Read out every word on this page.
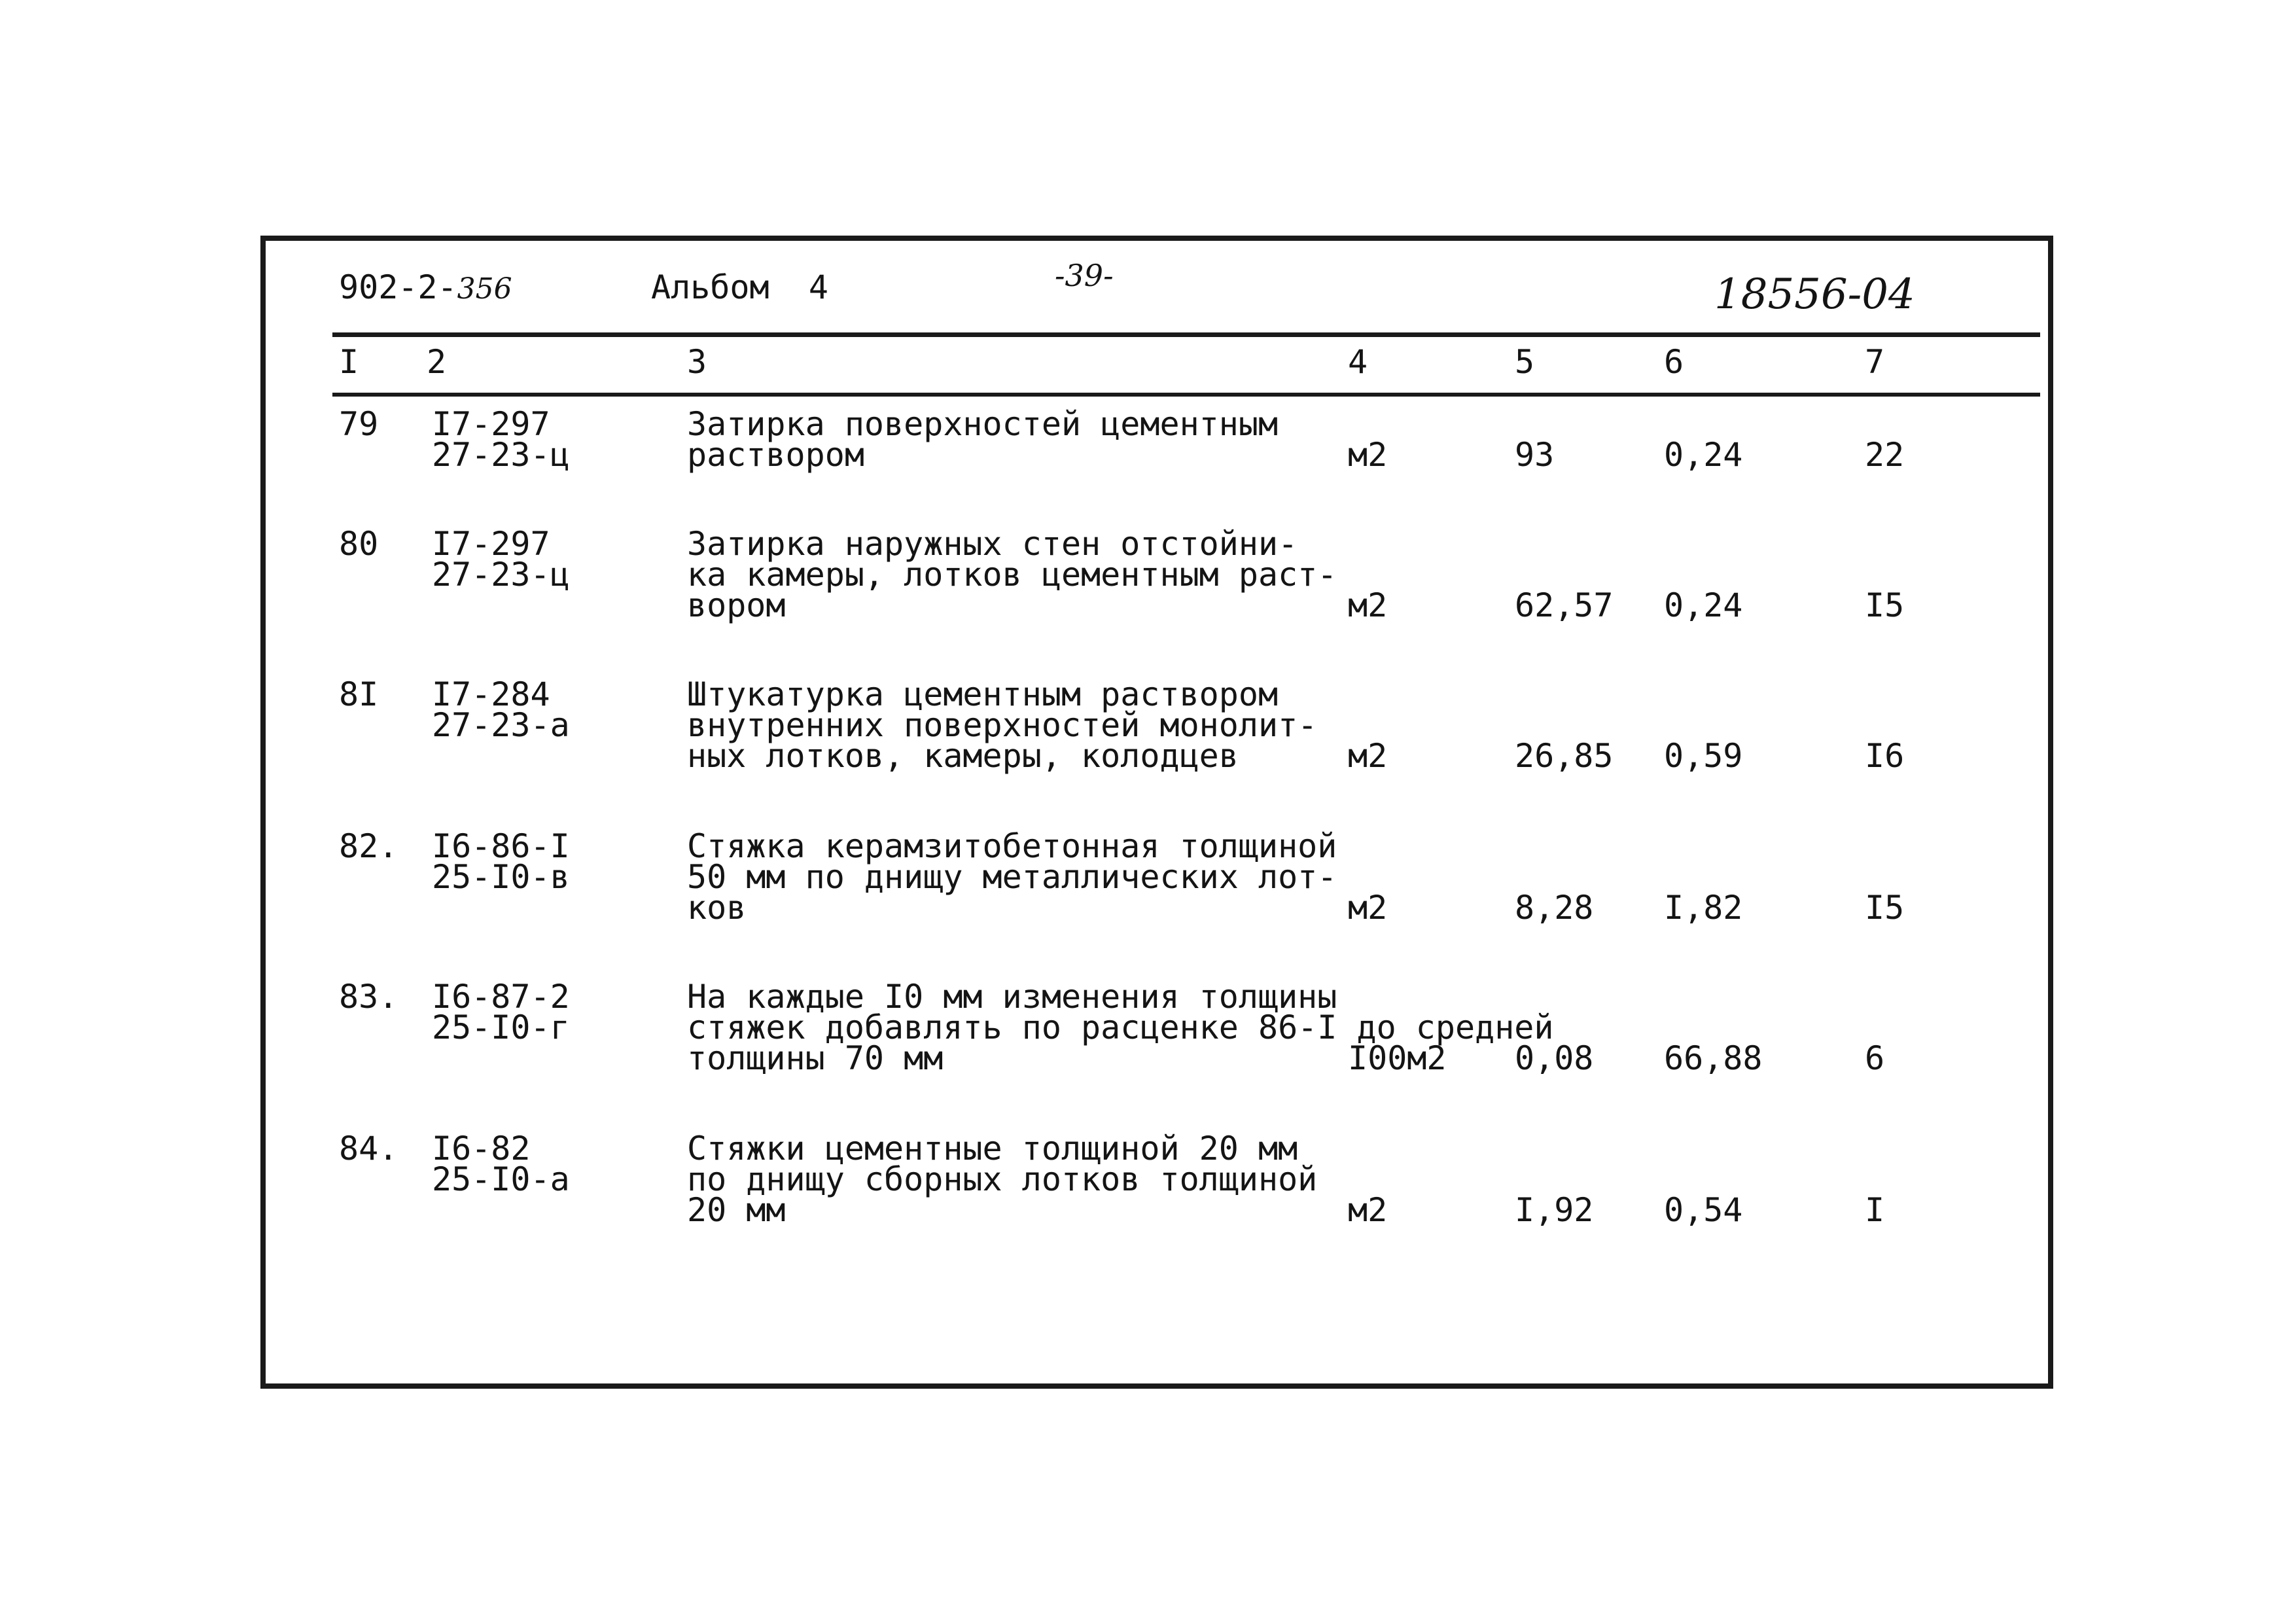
902-2-356	Альбом  4	-39-	18556-04
I 2	3	4	5	6	7
79 I7-297
27-23-ц
Затирка поверхностей цементным
раствором	м2	93	0,24	22
80 I7-297
27-23-ц
Затирка наружных стен отстойни-
ка камеры, лотков цементным раст-
вором	м2	62,57 0,24	I5
8I I7-284
27-23-а
Штукатурка цементным раствором
внутренних поверхностей монолит-
ных лотков, камеры, колодцев	м2	26,85 0,59	I6
82. I6-86-I
25-I0-в
Стяжка керамзитобетонная толщиной
50 мм по днищу металлических лот-
ков	м2	8,28 I,82	I5
83. I6-87-2
25-I0-г
На каждые I0 мм изменения толщины
стяжек добавлять по расценке 86-I до средней
толщины 70 мм	I00м2 0,08 66,88	6
84. I6-82
25-I0-а
Стяжки цементные толщиной 20 мм
по днищу сборных лотков толщиной
20 мм	м2	I,92 0,54	I
